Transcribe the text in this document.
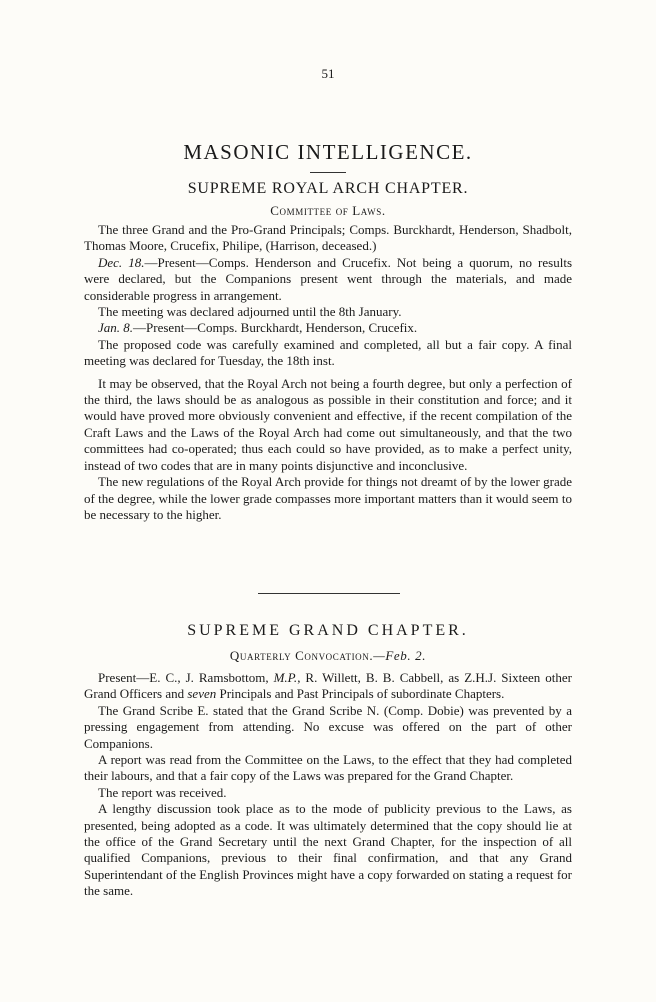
51
MASONIC INTELLIGENCE.
SUPREME ROYAL ARCH CHAPTER.
Committee of Laws.

The three Grand and the Pro-Grand Principals; Comps. Burckhardt, Henderson, Shadbolt, Thomas Moore, Crucefix, Philipe, (Harrison, deceased.)

Dec. 18.—Present—Comps. Henderson and Crucefix. Not being a quorum, no results were declared, but the Companions present went through the materials, and made considerable progress in arrangement.

The meeting was declared adjourned until the 8th January.

Jan. 8.—Present—Comps. Burckhardt, Henderson, Crucefix.

The proposed code was carefully examined and completed, all but a fair copy. A final meeting was declared for Tuesday, the 18th inst.

It may be observed, that the Royal Arch not being a fourth degree, but only a perfection of the third, the laws should be as analogous as possible in their constitution and force; and it would have proved more obviously convenient and effective, if the recent compilation of the Craft Laws and the Laws of the Royal Arch had come out simultaneously, and that the two committees had co-operated; thus each could so have provided, as to make a perfect unity, instead of two codes that are in many points disjunctive and inconclusive.

The new regulations of the Royal Arch provide for things not dreamt of by the lower grade of the degree, while the lower grade compasses more important matters than it would seem to be necessary to the higher.

SUPREME GRAND CHAPTER.
Quarterly Convocation.—Feb. 2.

Present—E. C., J. Ramsbottom, M.P., R. Willett, B. B. Cabbell, as Z.H.J. Sixteen other Grand Officers and seven Principals and Past Principals of subordinate Chapters.

The Grand Scribe E. stated that the Grand Scribe N. (Comp. Dobie) was prevented by a pressing engagement from attending. No excuse was offered on the part of other Companions.

A report was read from the Committee on the Laws, to the effect that they had completed their labours, and that a fair copy of the Laws was prepared for the Grand Chapter.

The report was received.

A lengthy discussion took place as to the mode of publicity previous to the Laws, as presented, being adopted as a code. It was ultimately determined that the copy should lie at the office of the Grand Secretary until the next Grand Chapter, for the inspection of all qualified Companions, previous to their final confirmation, and that any Grand Superintendant of the English Provinces might have a copy forwarded on stating a request for the same.
